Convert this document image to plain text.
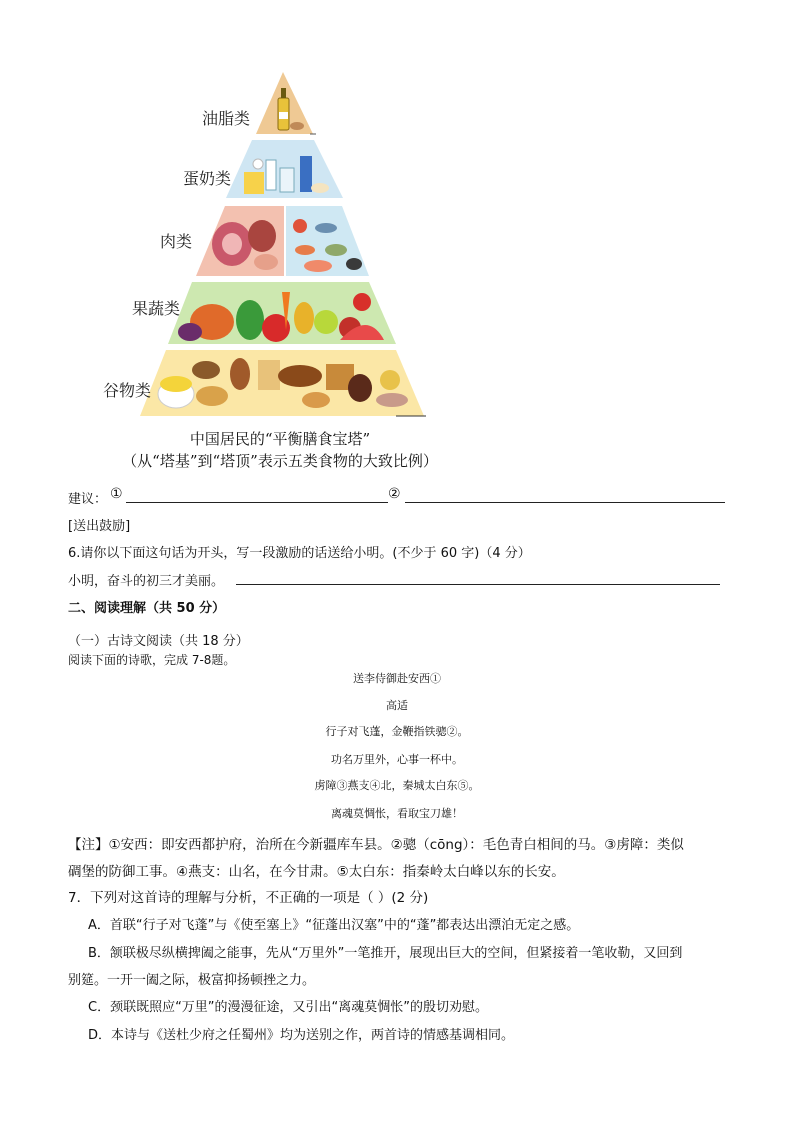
油脂类
蛋奶类
肉类
果蔬类
谷物类
中国居民的“平衡膳食宝塔”
（从“塔基”到“塔顶”表示五类食物的大致比例）
建议： ①	②
[送出鼓励]
6.请你以下面这句话为开头，写一段激励的话送给小明。(不少于 60 字)（4 分）
小明，奋斗的初三才美丽。
二、阅读理解（共 50 分）
（一）古诗文阅读（共 18 分）
阅读下面的诗歌，完成 7-8题。
送李侍御赴安西①
高适
行子对飞蓬，金鞭指铁骢②。
功名万里外，心事一杯中。
虏障③燕支④北，秦城太白东⑤。
离魂莫惆怅，看取宝刀雄！
【注】①安西：即安西都护府，治所在今新疆库车县。②骢（cōng）：毛色青白相间的马。③虏障：类似
碉堡的防御工事。④燕支：山名，在今甘肃。⑤太白东：指秦岭太白峰以东的长安。
7．下列对这首诗的理解与分析，不正确的一项是（ ）(2 分)
A．首联“行子对飞蓬”与《使至塞上》“征蓬出汉塞”中的“蓬”都表达出漂泊无定之感。
B．颔联极尽纵横捭阖之能事，先从“万里外”一笔推开，展现出巨大的空间，但紧接着一笔收勒，又回到
别筵。一开一阖之际，极富抑扬顿挫之力。
C．颈联既照应“万里”的漫漫征途，又引出“离魂莫惆怅”的殷切劝慰。
D．本诗与《送杜少府之任蜀州》均为送别之作，两首诗的情感基调相同。
